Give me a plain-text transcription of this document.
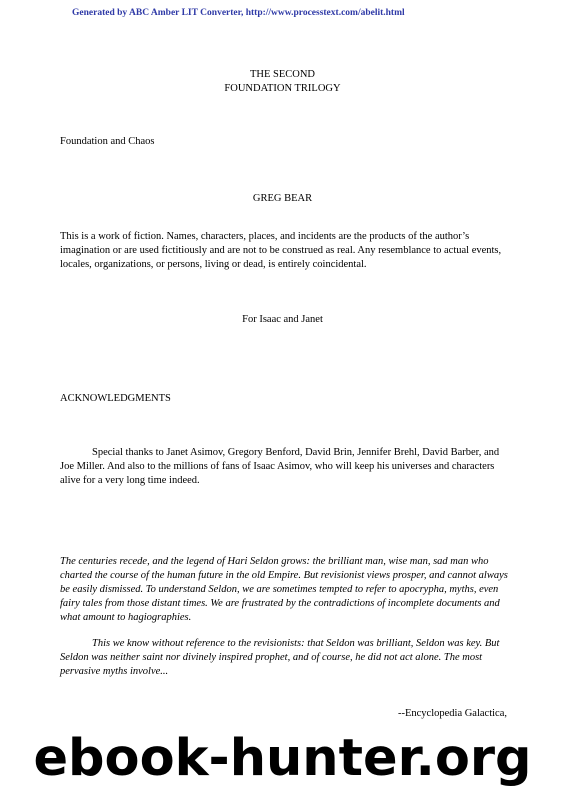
Generated by ABC Amber LIT Converter, http://www.processtext.com/abelit.html
THE SECOND
FOUNDATION TRILOGY
Foundation and Chaos
GREG BEAR

This is a work of fiction. Names, characters, places, and incidents are the products of the author’s imagination or are used fictitiously and are not to be construed as real. Any resemblance to actual events, locales, organizations, or persons, living or dead, is entirely coincidental.

For Isaac and Janet
ACKNOWLEDGMENTS

Special thanks to Janet Asimov, Gregory Benford, David Brin, Jennifer Brehl, David Barber, and Joe Miller. And also to the millions of fans of Isaac Asimov, who will keep his universes and characters alive for a very long time indeed.

The centuries recede, and the legend of Hari Seldon grows: the brilliant man, wise man, sad man who charted the course of the human future in the old Empire. But revisionist views prosper, and cannot always be easily dismissed. To understand Seldon, we are sometimes tempted to refer to apocrypha, myths, even fairy tales from those distant times. We are frustrated by the contradictions of incomplete documents and what amount to hagiographies.

This we know without reference to the revisionists: that Seldon was brilliant, Seldon was key. But Seldon was neither saint nor divinely inspired prophet, and of course, he did not act alone. The most pervasive myths involve...

--Encyclopedia Galactica,
ebook-hunter.org
